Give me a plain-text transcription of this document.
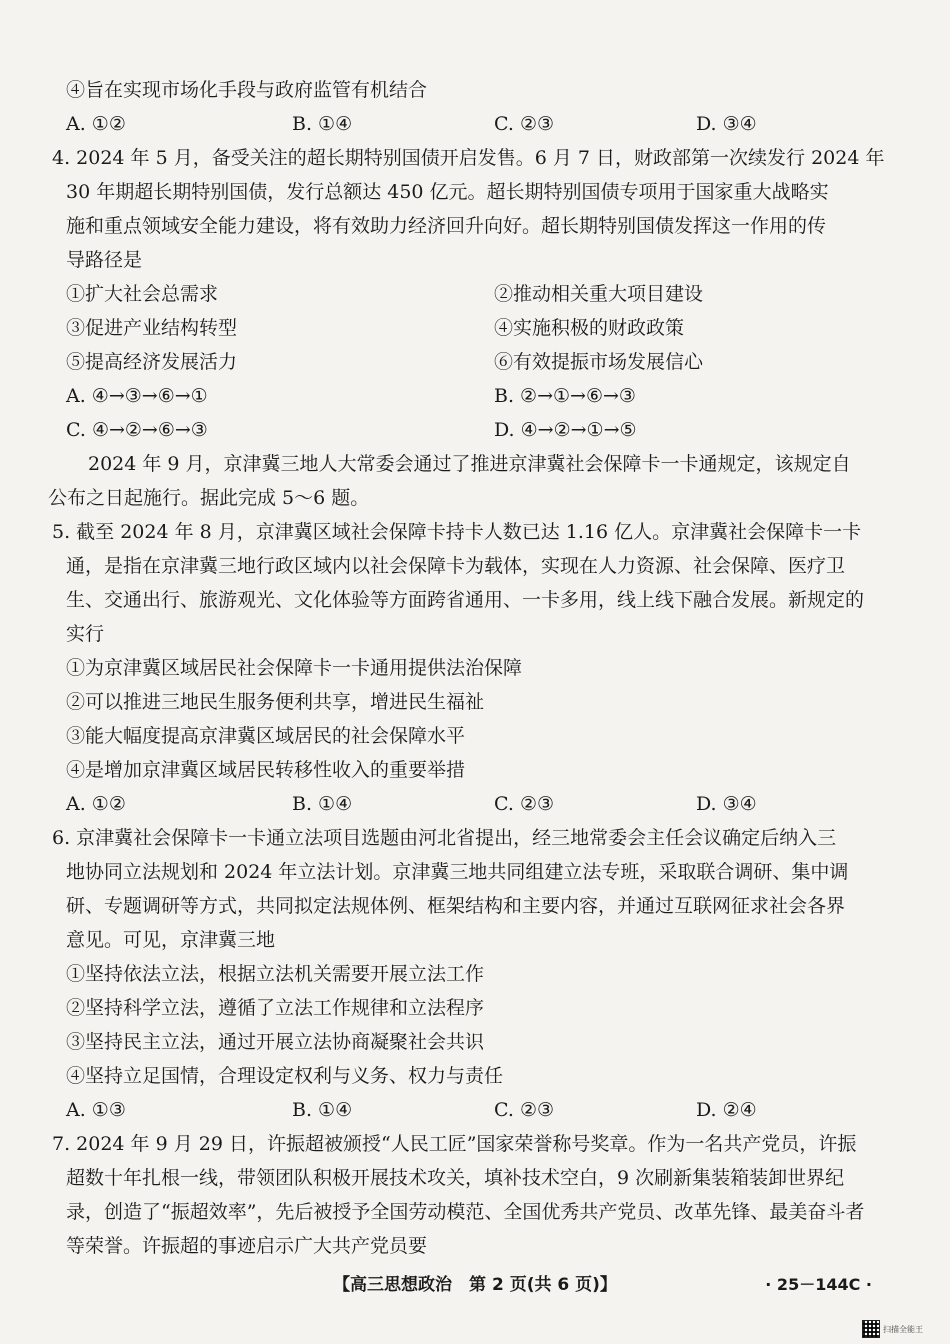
④旨在实现市场化手段与政府监管有机结合
A. ①②	B. ①④	C. ②③	D. ③④
4. 2024 年 5 月，备受关注的超长期特别国债开启发售。6 月 7 日，财政部第一次续发行 2024 年
30 年期超长期特别国债，发行总额达 450 亿元。超长期特别国债专项用于国家重大战略实
施和重点领域安全能力建设，将有效助力经济回升向好。超长期特别国债发挥这一作用的传
导路径是
①扩大社会总需求	②推动相关重大项目建设
③促进产业结构转型	④实施积极的财政政策
⑤提高经济发展活力	⑥有效提振市场发展信心
A. ④→③→⑥→①	B. ②→①→⑥→③
C. ④→②→⑥→③	D. ④→②→①→⑤
2024 年 9 月，京津冀三地人大常委会通过了推进京津冀社会保障卡一卡通规定，该规定自
公布之日起施行。据此完成 5～6 题。
5. 截至 2024 年 8 月，京津冀区域社会保障卡持卡人数已达 1.16 亿人。京津冀社会保障卡一卡
通，是指在京津冀三地行政区域内以社会保障卡为载体，实现在人力资源、社会保障、医疗卫
生、交通出行、旅游观光、文化体验等方面跨省通用、一卡多用，线上线下融合发展。新规定的
实行
①为京津冀区域居民社会保障卡一卡通用提供法治保障
②可以推进三地民生服务便利共享，增进民生福祉
③能大幅度提高京津冀区域居民的社会保障水平
④是增加京津冀区域居民转移性收入的重要举措
A. ①②	B. ①④	C. ②③	D. ③④
6. 京津冀社会保障卡一卡通立法项目选题由河北省提出，经三地常委会主任会议确定后纳入三
地协同立法规划和 2024 年立法计划。京津冀三地共同组建立法专班，采取联合调研、集中调
研、专题调研等方式，共同拟定法规体例、框架结构和主要内容，并通过互联网征求社会各界
意见。可见，京津冀三地
①坚持依法立法，根据立法机关需要开展立法工作
②坚持科学立法，遵循了立法工作规律和立法程序
③坚持民主立法，通过开展立法协商凝聚社会共识
④坚持立足国情，合理设定权利与义务、权力与责任
A. ①③	B. ①④	C. ②③	D. ②④
7. 2024 年 9 月 29 日，许振超被颁授“人民工匠”国家荣誉称号奖章。作为一名共产党员，许振
超数十年扎根一线，带领团队积极开展技术攻关，填补技术空白，9 次刷新集装箱装卸世界纪
录，创造了“振超效率”，先后被授予全国劳动模范、全国优秀共产党员、改革先锋、最美奋斗者
等荣誉。许振超的事迹启示广大共产党员要
【高三思想政治　第 2 页(共 6 页)】	· 25－144C ·
扫描全能王
